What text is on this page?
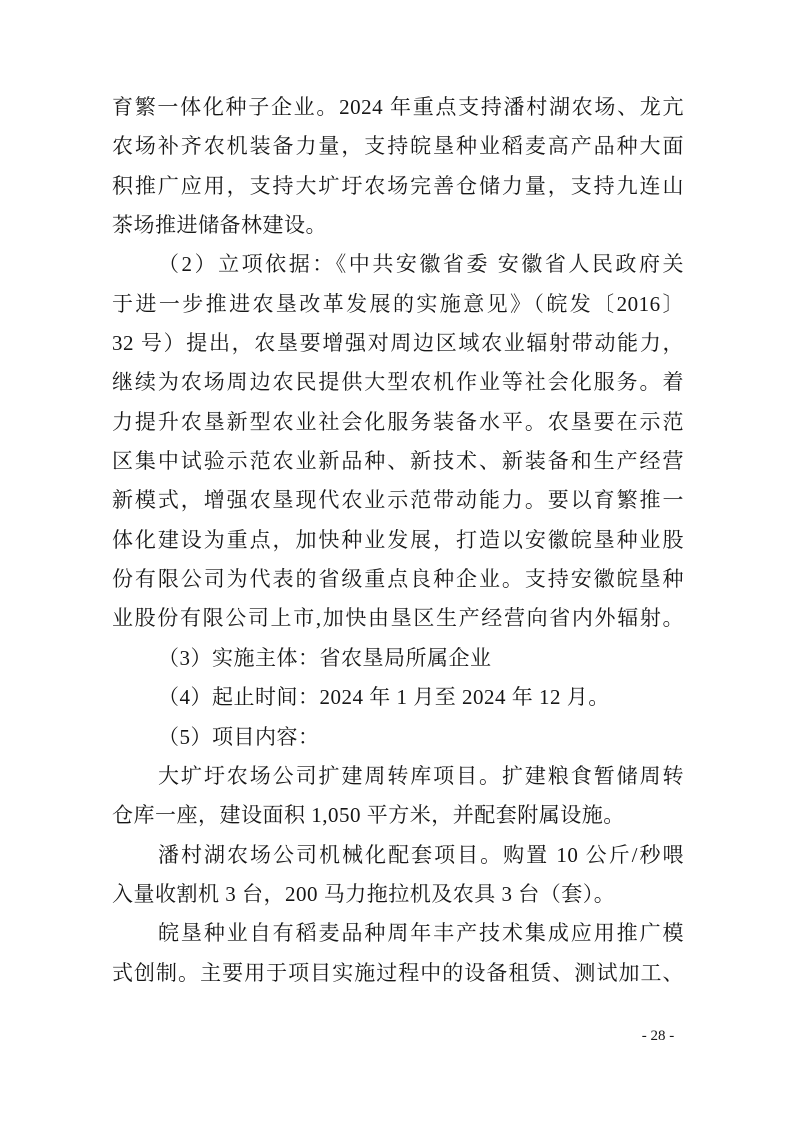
育繁一体化种子企业。2024 年重点支持潘村湖农场、龙亢
农场补齐农机装备力量，支持皖垦种业稻麦高产品种大面
积推广应用，支持大圹圩农场完善仓储力量，支持九连山
茶场推进储备林建设。
（2）立项依据：《中共安徽省委 安徽省人民政府关
于进一步推进农垦改革发展的实施意见》（皖发〔2016〕
32 号）提出，农垦要增强对周边区域农业辐射带动能力，
继续为农场周边农民提供大型农机作业等社会化服务。着
力提升农垦新型农业社会化服务装备水平。农垦要在示范
区集中试验示范农业新品种、新技术、新装备和生产经营
新模式，增强农垦现代农业示范带动能力。要以育繁推一
体化建设为重点，加快种业发展，打造以安徽皖垦种业股
份有限公司为代表的省级重点良种企业。支持安徽皖垦种
业股份有限公司上市,加快由垦区生产经营向省内外辐射。
（3）实施主体：省农垦局所属企业
（4）起止时间：2024 年 1 月至 2024 年 12 月。
（5）项目内容：
大圹圩农场公司扩建周转库项目。扩建粮食暂储周转
仓库一座，建设面积 1,050 平方米，并配套附属设施。
潘村湖农场公司机械化配套项目。购置 10 公斤/秒喂
入量收割机 3 台，200 马力拖拉机及农具 3 台（套）。
皖垦种业自有稻麦品种周年丰产技术集成应用推广模
式创制。主要用于项目实施过程中的设备租赁、测试加工、
- 28 -
